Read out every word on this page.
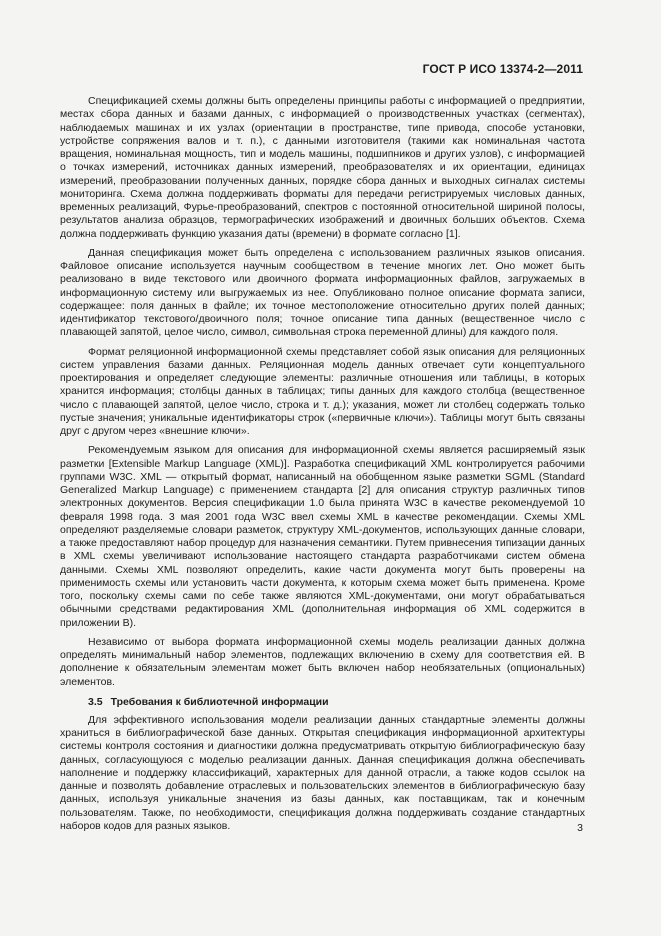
ГОСТ Р ИСО 13374-2—2011

Спецификацией схемы должны быть определены принципы работы с информацией о предприятии, местах сбора данных и базами данных, с информацией о производственных участках (сегментах), наблюдаемых машинах и их узлах (ориентации в пространстве, типе привода, способе установки, устройстве сопряжения валов и т. п.), с данными изготовителя (такими как номинальная частота вращения, номинальная мощность, тип и модель машины, подшипников и других узлов), с информацией о точках измерений, источниках данных измерений, преобразователях и их ориентации, единицах измерений, преобразовании полученных данных, порядке сбора данных и выходных сигналах системы мониторинга. Схема должна поддерживать форматы для передачи регистрируемых числовых данных, временных реализаций, Фурье-преобразований, спектров с постоянной относительной шириной полосы, результатов анализа образцов, термографических изображений и двоичных больших объектов. Схема должна поддерживать функцию указания даты (времени) в формате согласно [1].

Данная спецификация может быть определена с использованием различных языков описания. Файловое описание используется научным сообществом в течение многих лет. Оно может быть реализовано в виде текстового или двоичного формата информационных файлов, загружаемых в информационную систему или выгружаемых из нее. Опубликовано полное описание формата записи, содержащее: поля данных в файле; их точное местоположение относительно других полей данных; идентификатор текстового/двоичного поля; точное описание типа данных (вещественное число с плавающей запятой, целое число, символ, символьная строка переменной длины) для каждого поля.

Формат реляционной информационной схемы представляет собой язык описания для реляционных систем управления базами данных. Реляционная модель данных отвечает сути концептуального проектирования и определяет следующие элементы: различные отношения или таблицы, в которых хранится информация; столбцы данных в таблицах; типы данных для каждого столбца (вещественное число с плавающей запятой, целое число, строка и т. д.); указания, может ли столбец содержать только пустые значения; уникальные идентификаторы строк («первичные ключи»). Таблицы могут быть связаны друг с другом через «внешние ключи».

Рекомендуемым языком для описания для информационной схемы является расширяемый язык разметки [Extensible Markup Language (XML)]. Разработка спецификаций XML контролируется рабочими группами W3C. XML — открытый формат, написанный на обобщенном языке разметки SGML (Standard Generalized Markup Language) с применением стандарта [2] для описания структур различных типов электронных документов. Версия спецификации 1.0 была принята W3C в качестве рекомендуемой 10 февраля 1998 года. 3 мая 2001 года W3C ввел схемы XML в качестве рекомендации. Схемы XML определяют разделяемые словари разметок, структуру XML-документов, использующих данные словари, а также предоставляют набор процедур для назначения семантики. Путем привнесения типизации данных в XML схемы увеличивают использование настоящего стандарта разработчиками систем обмена данными. Схемы XML позволяют определить, какие части документа могут быть проверены на применимость схемы или установить части документа, к которым схема может быть применена. Кроме того, поскольку схемы сами по себе также являются XML-документами, они могут обрабатываться обычными средствами редактирования XML (дополнительная информация об XML содержится в приложении B).

Независимо от выбора формата информационной схемы модель реализации данных должна определять минимальный набор элементов, подлежащих включению в схему для соответствия ей. В дополнение к обязательным элементам может быть включен набор необязательных (опциональных) элементов.

3.5 Требования к библиотечной информации

Для эффективного использования модели реализации данных стандартные элементы должны храниться в библиографической базе данных. Открытая спецификация информационной архитектуры системы контроля состояния и диагностики должна предусматривать открытую библиографическую базу данных, согласующуюся с моделью реализации данных. Данная спецификация должна обеспечивать наполнение и поддержку классификаций, характерных для данной отрасли, а также кодов ссылок на данные и позволять добавление отраслевых и пользовательских элементов в библиографическую базу данных, используя уникальные значения из базы данных, как поставщикам, так и конечным пользователям. Также, по необходимости, спецификация должна поддерживать создание стандартных наборов кодов для разных языков.	3
